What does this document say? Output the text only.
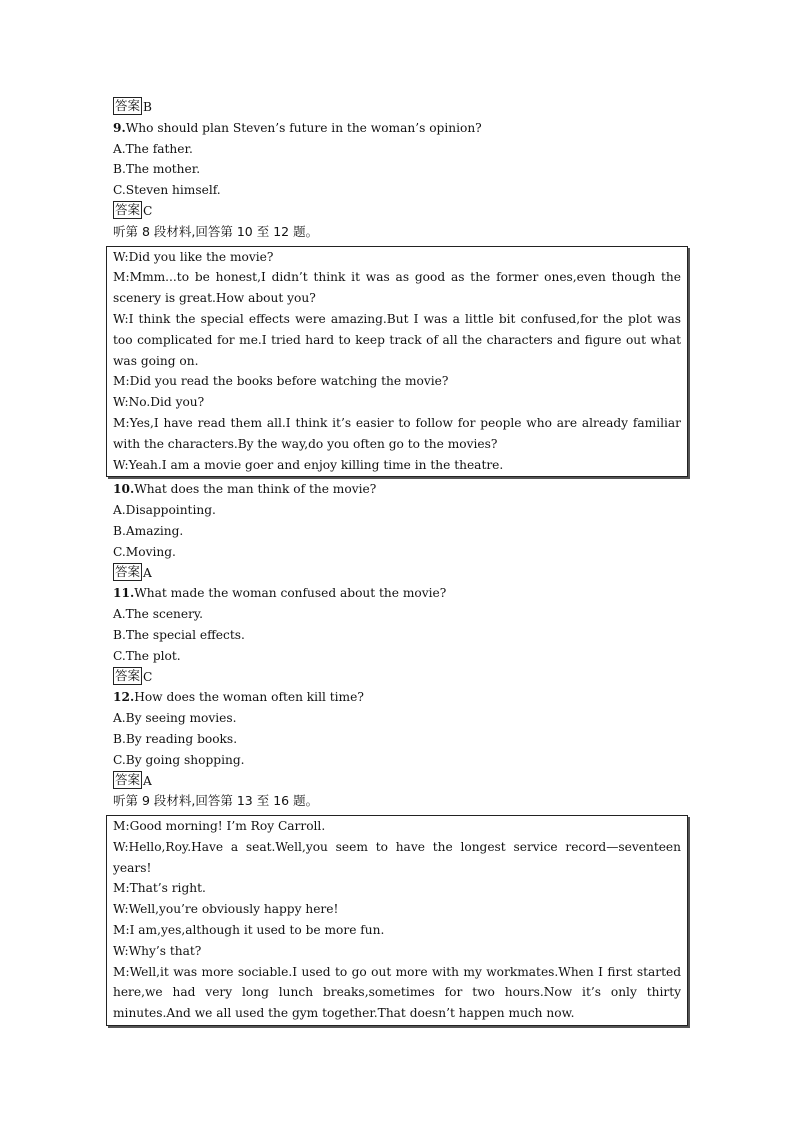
答案 B
9.Who should plan Steven’s future in the woman’s opinion?
A.The father.
B.The mother.
C.Steven himself.
答案 C
听第 8 段材料,回答第 10 至 12 题。
W:Did you like the movie?
M:Mmm...to be honest,I didn’t think it was as good as the former ones,even though the scenery is great.How about you?
W:I think the special effects were amazing.But I was a little bit confused,for the plot was too complicated for me.I tried hard to keep track of all the characters and figure out what was going on.
M:Did you read the books before watching the movie?
W:No.Did you?
M:Yes,I have read them all.I think it’s easier to follow for people who are already familiar with the characters.By the way,do you often go to the movies?
W:Yeah.I am a movie goer and enjoy killing time in the theatre.
10.What does the man think of the movie?
A.Disappointing.
B.Amazing.
C.Moving.
答案 A
11.What made the woman confused about the movie?
A.The scenery.
B.The special effects.
C.The plot.
答案 C
12.How does the woman often kill time?
A.By seeing movies.
B.By reading books.
C.By going shopping.
答案 A
听第 9 段材料,回答第 13 至 16 题。
M:Good morning! I’m Roy Carroll.
W:Hello,Roy.Have a seat.Well,you seem to have the longest service record—seventeen years!
M:That’s right.
W:Well,you’re obviously happy here!
M:I am,yes,although it used to be more fun.
W:Why’s that?
M:Well,it was more sociable.I used to go out more with my workmates.When I first started here,we had very long lunch breaks,sometimes for two hours.Now it’s only thirty minutes.And we all used the gym together.That doesn’t happen much now.
